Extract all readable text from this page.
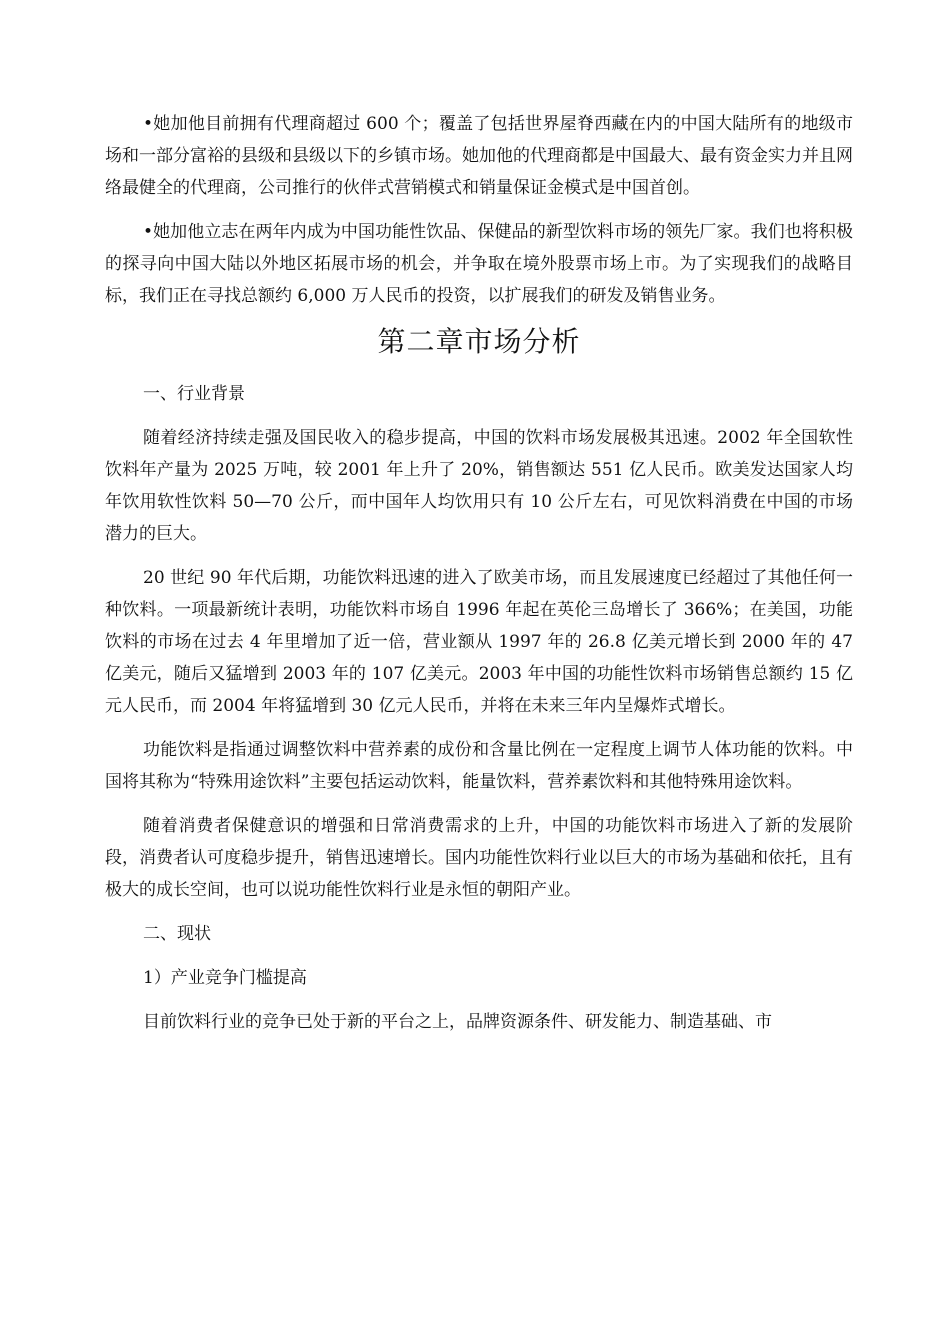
•她加他目前拥有代理商超过 600 个；覆盖了包括世界屋脊西藏在内的中国大陆所有的地级市场和一部分富裕的县级和县级以下的乡镇市场。她加他的代理商都是中国最大、最有资金实力并且网络最健全的代理商，公司推行的伙伴式营销模式和销量保证金模式是中国首创。

•她加他立志在两年内成为中国功能性饮品、保健品的新型饮料市场的领先厂家。我们也将积极的探寻向中国大陆以外地区拓展市场的机会，并争取在境外股票市场上市。为了实现我们的战略目标，我们正在寻找总额约 6,000 万人民币的投资，以扩展我们的研发及销售业务。

第二章市场分析

一、行业背景

随着经济持续走强及国民收入的稳步提高，中国的饮料市场发展极其迅速。2002 年全国软性饮料年产量为 2025 万吨，较 2001 年上升了 20%，销售额达 551 亿人民币。欧美发达国家人均年饮用软性饮料 50—70 公斤，而中国年人均饮用只有 10 公斤左右，可见饮料消费在中国的市场潜力的巨大。

20 世纪 90 年代后期，功能饮料迅速的进入了欧美市场，而且发展速度已经超过了其他任何一种饮料。一项最新统计表明，功能饮料市场自 1996 年起在英伦三岛增长了 366%；在美国，功能饮料的市场在过去 4 年里增加了近一倍，营业额从 1997 年的 26.8 亿美元增长到 2000 年的 47 亿美元，随后又猛增到 2003 年的 107 亿美元。2003 年中国的功能性饮料市场销售总额约 15 亿元人民币，而 2004 年将猛增到 30 亿元人民币，并将在未来三年内呈爆炸式增长。

功能饮料是指通过调整饮料中营养素的成份和含量比例在一定程度上调节人体功能的饮料。中国将其称为“特殊用途饮料”主要包括运动饮料，能量饮料，营养素饮料和其他特殊用途饮料。

随着消费者保健意识的增强和日常消费需求的上升，中国的功能饮料市场进入了新的发展阶段，消费者认可度稳步提升，销售迅速增长。国内功能性饮料行业以巨大的市场为基础和依托，且有极大的成长空间，也可以说功能性饮料行业是永恒的朝阳产业。

二、现状

1）产业竞争门槛提高

目前饮料行业的竞争已处于新的平台之上，品牌资源条件、研发能力、制造基础、市
